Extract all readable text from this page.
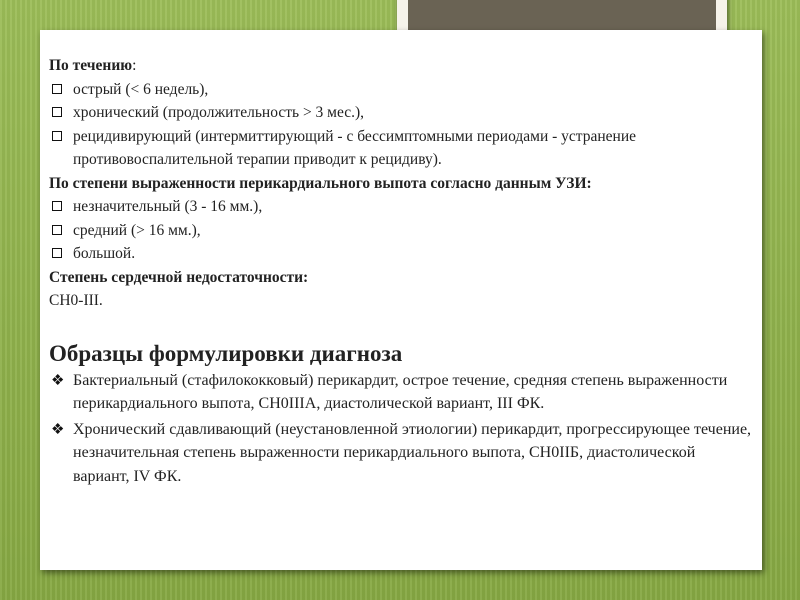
По течению:

острый (< 6 недель),
хронический (продолжительность > 3 мес.),
рецидивирующий (интермиттирующий - с бессимптомными периодами - устранение противовоспалительной терапии приводит к рецидиву).

По степени выраженности перикардиального выпота согласно данным УЗИ:

незначительный (3 - 16 мм.),
средний (> 16 мм.),
большой.

Степень сердечной недостаточности:

СН0-III.

Образцы формулировки диагноза

❖ Бактериальный (стафилококковый) перикардит, острое течение, средняя степень выраженности перикардиального выпота, СН0IIIА, диастолической вариант, III ФК.
❖ Хронический сдавливающий (неустановленной этиологии) перикардит, прогрессирующее течение, незначительная степень выраженности перикардиального выпота, СН0IIБ, диастолической вариант, IV ФК.
